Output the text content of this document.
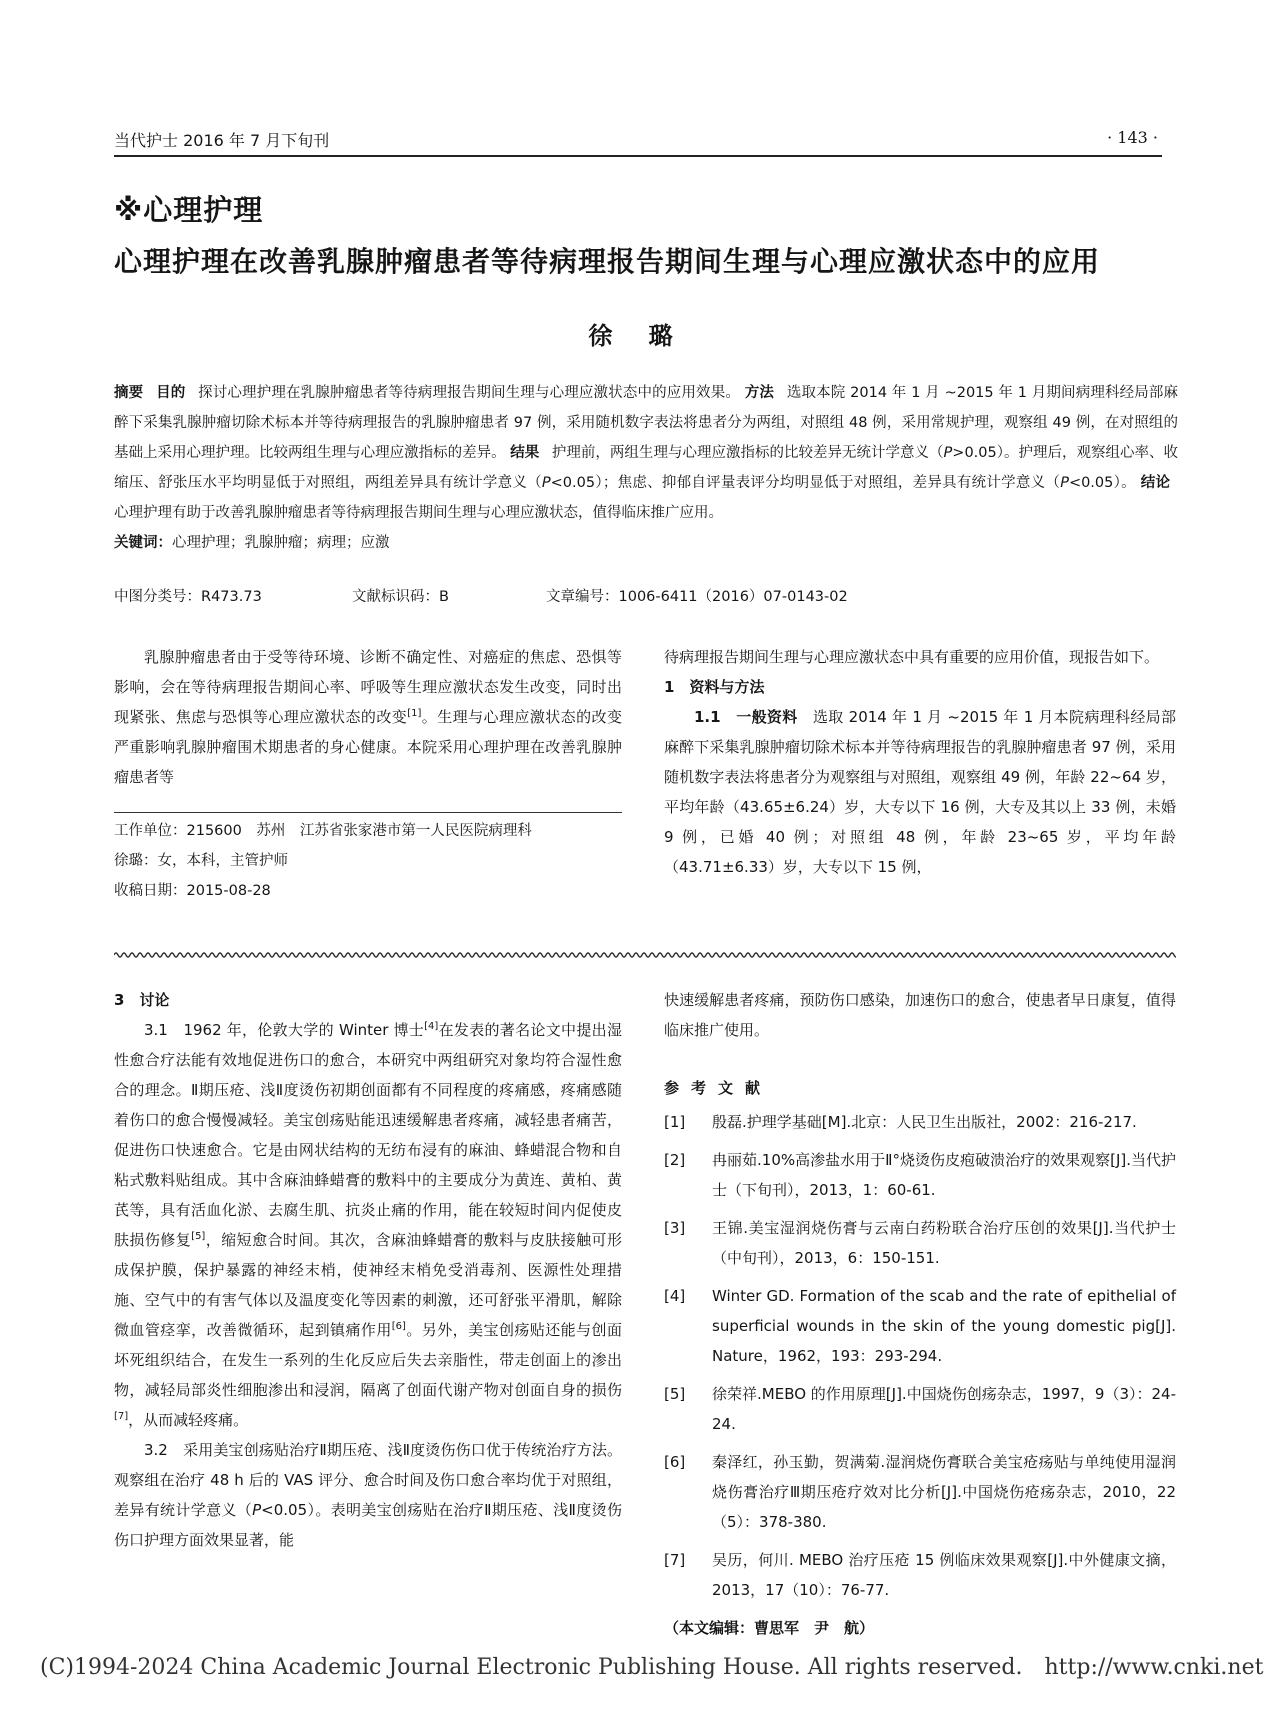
当代护士 2016 年 7 月下旬刊	· 143 ·
※心理护理
心理护理在改善乳腺肿瘤患者等待病理报告期间生理与心理应激状态中的应用
徐 璐

摘要 目的 探讨心理护理在乳腺肿瘤患者等待病理报告期间生理与心理应激状态中的应用效果。 方法 选取本院 2014 年 1 月 ~2015 年 1 月期间病理科经局部麻醉下采集乳腺肿瘤切除术标本并等待病理报告的乳腺肿瘤患者 97 例，采用随机数字表法将患者分为两组，对照组 48 例，采用常规护理，观察组 49 例，在对照组的基础上采用心理护理。比较两组生理与心理应激指标的差异。 结果 护理前，两组生理与心理应激指标的比较差异无统计学意义（P>0.05）。护理后，观察组心率、收缩压、舒张压水平均明显低于对照组，两组差异具有统计学意义（P<0.05）；焦虑、抑郁自评量表评分均明显低于对照组，差异具有统计学意义（P<0.05）。 结论 心理护理有助于改善乳腺肿瘤患者等待病理报告期间生理与心理应激状态，值得临床推广应用。

关键词：心理护理；乳腺肿瘤；病理；应激

中图分类号：R473.73	文献标识码：B	文章编号：1006-6411（2016）07-0143-02

乳腺肿瘤患者由于受等待环境、诊断不确定性、对癌症的焦虑、恐惧等影响，会在等待病理报告期间心率、呼吸等生理应激状态发生改变，同时出现紧张、焦虑与恐惧等心理应激状态的改变[1]。生理与心理应激状态的改变严重影响乳腺肿瘤围术期患者的身心健康。本院采用心理护理在改善乳腺肿瘤患者等

工作单位：215600　苏州　江苏省张家港市第一人民医院病理科

徐璐：女，本科，主管护师

收稿日期：2015-08-28

待病理报告期间生理与心理应激状态中具有重要的应用价值，现报告如下。

1　资料与方法

1.1　一般资料　 选取 2014 年 1 月 ~2015 年 1 月本院病理科经局部麻醉下采集乳腺肿瘤切除术标本并等待病理报告的乳腺肿瘤患者 97 例，采用随机数字表法将患者分为观察组与对照组，观察组 49 例，年龄 22~64 岁，平均年龄（43.65±6.24）岁，大专以下 16 例，大专及其以上 33 例，未婚 9 例，已婚 40 例；对照组 48 例，年龄 23~65 岁，平均年龄（43.71±6.33）岁，大专以下 15 例，

3　讨论

3.1　1962 年，伦敦大学的 Winter 博士[4]在发表的著名论文中提出湿性愈合疗法能有效地促进伤口的愈合，本研究中两组研究对象均符合湿性愈合的理念。Ⅱ期压疮、浅Ⅱ度烫伤初期创面都有不同程度的疼痛感，疼痛感随着伤口的愈合慢慢减轻。美宝创疡贴能迅速缓解患者疼痛，减轻患者痛苦，促进伤口快速愈合。它是由网状结构的无纺布浸有的麻油、蜂蜡混合物和自粘式敷料贴组成。其中含麻油蜂蜡膏的敷料中的主要成分为黄连、黄柏、黄芪等，具有活血化淤、去腐生肌、抗炎止痛的作用，能在较短时间内促使皮肤损伤修复[5]，缩短愈合时间。其次，含麻油蜂蜡膏的敷料与皮肤接触可形成保护膜，保护暴露的神经末梢，使神经末梢免受消毒剂、医源性处理措施、空气中的有害气体以及温度变化等因素的刺激，还可舒张平滑肌，解除微血管痉挛，改善微循环，起到镇痛作用[6]。另外，美宝创疡贴还能与创面坏死组织结合，在发生一系列的生化反应后失去亲脂性，带走创面上的渗出物，减轻局部炎性细胞渗出和浸润，隔离了创面代谢产物对创面自身的损伤[7]，从而减轻疼痛。

3.2　采用美宝创疡贴治疗Ⅱ期压疮、浅Ⅱ度烫伤伤口优于传统治疗方法。观察组在治疗 48 h 后的 VAS 评分、愈合时间及伤口愈合率均优于对照组，差异有统计学意义（P<0.05）。表明美宝创疡贴在治疗Ⅱ期压疮、浅Ⅱ度烫伤伤口护理方面效果显著，能

快速缓解患者疼痛，预防伤口感染，加速伤口的愈合，使患者早日康复，值得临床推广使用。

参考文献

[1]	殷磊.护理学基础[M].北京：人民卫生出版社，2002：216-217.
[2]	冉丽茹.10%高渗盐水用于Ⅱ°烧烫伤皮疱破溃治疗的效果观察[J].当代护士（下旬刊），2013，1：60-61.
[3]	王锦.美宝湿润烧伤膏与云南白药粉联合治疗压创的效果[J].当代护士（中旬刊），2013，6：150-151.
[4]	Winter GD. Formation of the scab and the rate of epithelial of superficial wounds in the skin of the young domestic pig[J]. Nature，1962，193：293-294.
[5]	徐荣祥.MEBO 的作用原理[J].中国烧伤创疡杂志，1997，9（3）：24-24.
[6]	秦泽红，孙玉勤，贺满菊.湿润烧伤膏联合美宝疮疡贴与单纯使用湿润烧伤膏治疗Ⅲ期压疮疗效对比分析[J].中国烧伤疮疡杂志，2010，22（5）：378-380.
[7]	吴历，何川. MEBO 治疗压疮 15 例临床效果观察[J].中外健康文摘，2013，17（10）：76-77.

（本文编辑：曹思军　尹　航）

(C)1994-2024 China Academic Journal Electronic Publishing House. All rights reserved.　http://www.cnki.net
